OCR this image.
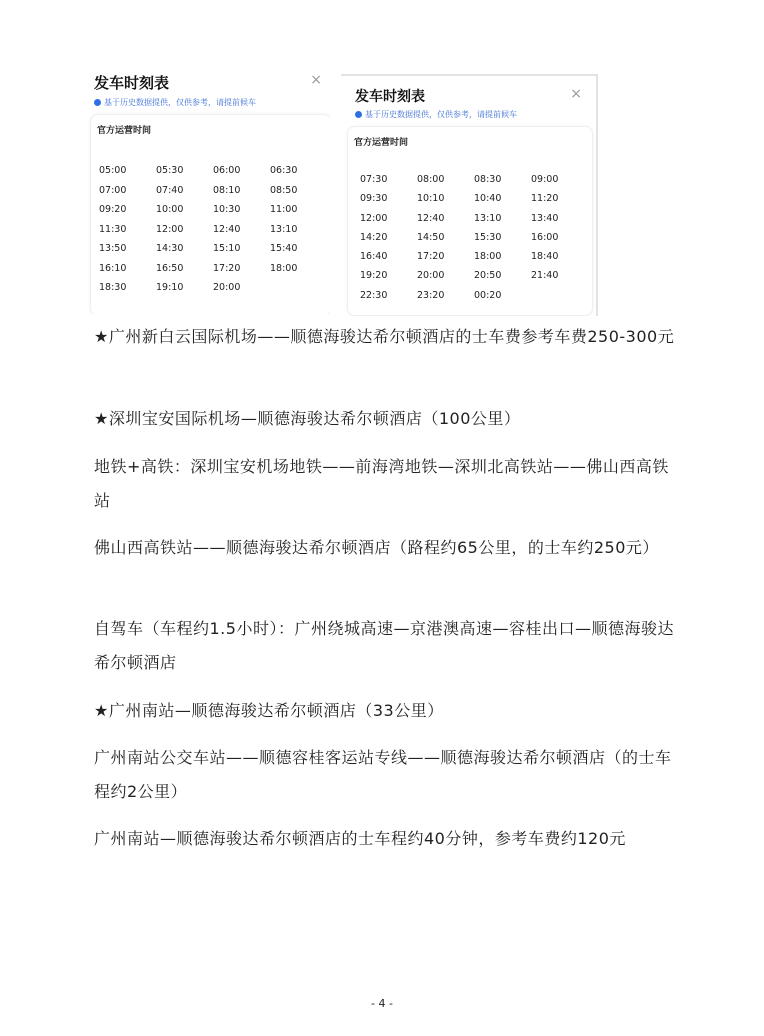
发车时刻表	×
基于历史数据提供，仅供参考，请提前候车
官方运营时间
05:00	05:30	06:00	06:30
07:00	07:40	08:10	08:50
09:20	10:00	10:30	11:00
11:30	12:00	12:40	13:10
13:50	14:30	15:10	15:40
16:10	16:50	17:20	18:00
18:30	19:10	20:00
发车时刻表	×
基于历史数据提供，仅供参考，请提前候车
官方运营时间
07:30	08:00	08:30	09:00
09:30	10:10	10:40	11:20
12:00	12:40	13:10	13:40
14:20	14:50	15:30	16:00
16:40	17:20	18:00	18:40
19:20	20:00	20:50	21:40
22:30	23:20	00:20
★广州新白云国际机场——顺德海骏达希尔顿酒店的士车费参考车费250-300元
★深圳宝安国际机场—顺德海骏达希尔顿酒店（100公里）
地铁+高铁：深圳宝安机场地铁——前海湾地铁—深圳北高铁站——佛山西高铁站
佛山西高铁站——顺德海骏达希尔顿酒店（路程约65公里，的士车约250元）
自驾车（车程约1.5小时）：广州绕城高速—京港澳高速—容桂出口—顺德海骏达希尔顿酒店
★广州南站—顺德海骏达希尔顿酒店（33公里）
广州南站公交车站——顺德容桂客运站专线——顺德海骏达希尔顿酒店（的士车程约2公里）
广州南站—顺德海骏达希尔顿酒店的士车程约40分钟，参考车费约120元
- 4 -
